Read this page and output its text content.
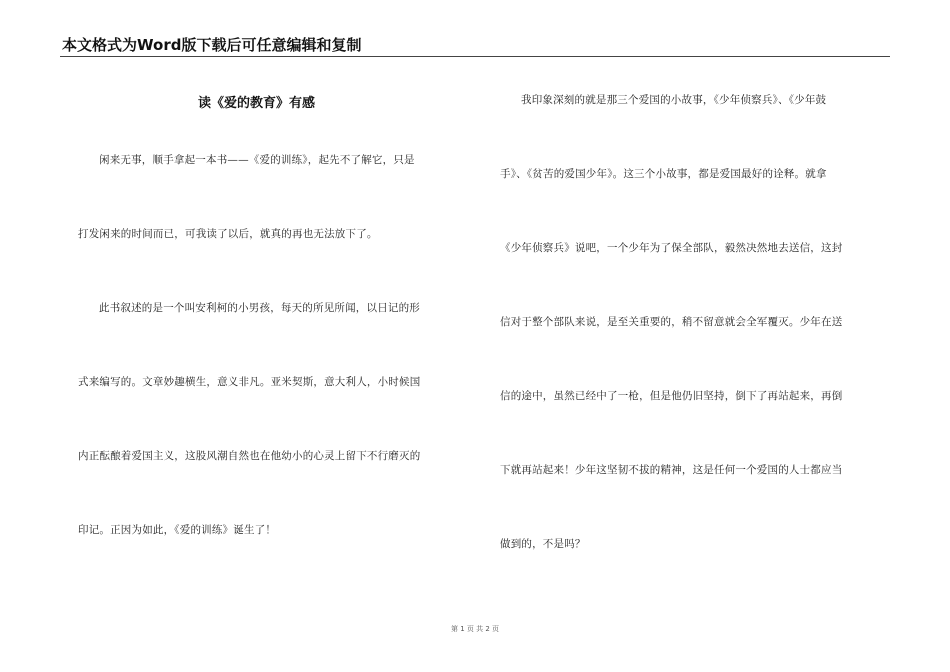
本文格式为Word版下载后可任意编辑和复制
读《爱的教育》有感
闲来无事，顺手拿起一本书——《爱的训练》，起先不了解它，只是
打发闲来的时间而已，可我读了以后，就真的再也无法放下了。
此书叙述的是一个叫安利柯的小男孩，每天的所见所闻，以日记的形
式来编写的。文章妙趣横生，意义非凡。亚米契斯，意大利人，小时候国
内正酝酿着爱国主义，这股风潮自然也在他幼小的心灵上留下不行磨灭的
印记。正因为如此，《爱的训练》诞生了！
我印象深刻的就是那三个爱国的小故事，《少年侦察兵》、《少年鼓
手》、《贫苦的爱国少年》。这三个小故事，都是爱国最好的诠释。就拿
《少年侦察兵》说吧，一个少年为了保全部队，毅然决然地去送信，这封
信对于整个部队来说，是至关重要的，稍不留意就会全军覆灭。少年在送
信的途中，虽然已经中了一枪，但是他仍旧坚持，倒下了再站起来，再倒
下就再站起来！少年这坚韧不拔的精神，这是任何一个爱国的人士都应当
做到的，不是吗？
第 1 页 共 2 页
